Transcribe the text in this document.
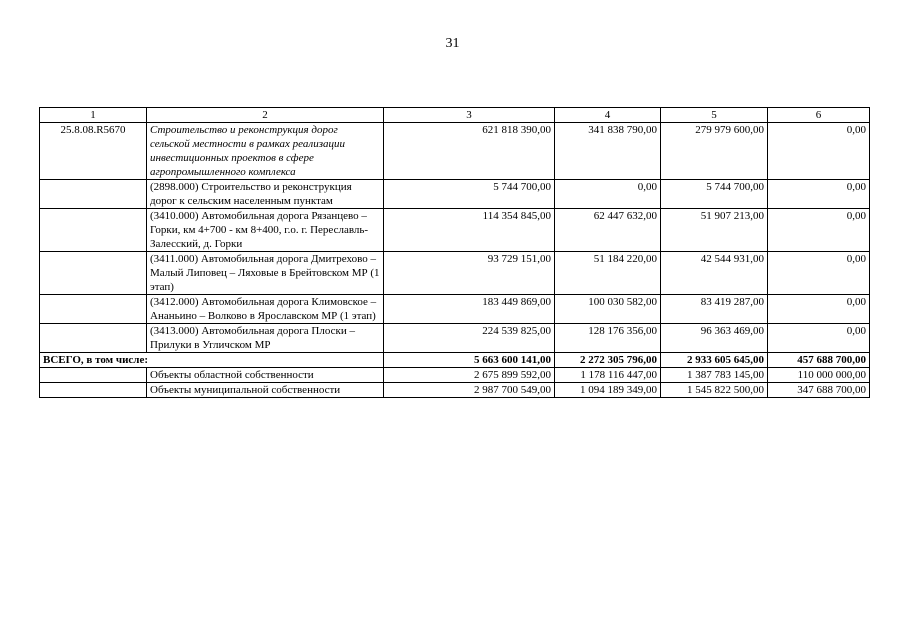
31
1	2	3	4	5	6
25.8.08.R5670	Строительство и реконструкция дорог сельской местности в рамках реализации инвестиционных проектов в сфере агропромышленного комплекса	621 818 390,00	341 838 790,00	279 979 600,00	0,00
	(2898.000) Строительство и реконструкция дорог к сельским населенным пунктам	5 744 700,00	0,00	5 744 700,00	0,00
	(3410.000) Автомобильная дорога Рязанцево – Горки, км 4+700 - км 8+400, г.о. г. Переславль-Залесский, д. Горки	114 354 845,00	62 447 632,00	51 907 213,00	0,00
	(3411.000) Автомобильная дорога Дмитрехово – Малый Липовец – Ляховые в Брейтовском МР (1 этап)	93 729 151,00	51 184 220,00	42 544 931,00	0,00
	(3412.000) Автомобильная дорога Климовское – Ананьино – Волково в Ярославском МР (1 этап)	183 449 869,00	100 030 582,00	83 419 287,00	0,00
	(3413.000) Автомобильная дорога Плоски – Прилуки в Угличском МР	224 539 825,00	128 176 356,00	96 363 469,00	0,00
ВСЕГО, в том числе:		5 663 600 141,00	2 272 305 796,00	2 933 605 645,00	457 688 700,00
	Объекты областной собственности	2 675 899 592,00	1 178 116 447,00	1 387 783 145,00	110 000 000,00
	Объекты муниципальной собственности	2 987 700 549,00	1 094 189 349,00	1 545 822 500,00	347 688 700,00
